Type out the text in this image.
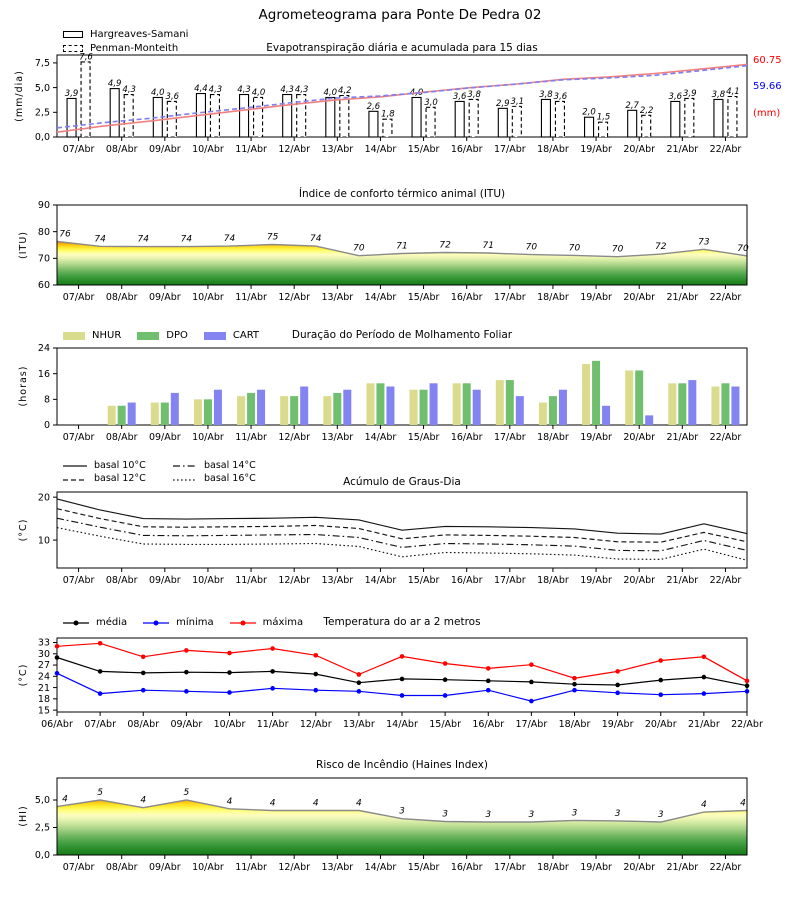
Agrometeograma para Ponte De Pedra 02
Hargreaves-Samani
Penman-Monteith	Evapotranspiração diária e acumulada para 15 dias
(mm/dia)
60.75
59.66
(mm)
Índice de conforto térmico animal (ITU)
(ITU)
NHUR	DPO	CART	Duração do Período de Molhamento Foliar
(horas)
basal 10°C	basal 14°C
basal 12°C	basal 16°C	Acúmulo de Graus-Dia
(°C)
média	mínima	máxima	Temperatura do ar a 2 metros
(°C)
Risco de Incêndio (Haines Index)
(HI)
0,0
2,5
5,0
7,5
07/Abr 08/Abr 09/Abr 10/Abr 11/Abr 12/Abr 13/Abr 14/Abr 15/Abr 16/Abr 17/Abr 18/Abr 19/Abr 20/Abr 21/Abr 22/Abr
3,9
7,6
4,9
4,3 4,0 3,6
4,4 4,3 4,3 4,0 4,3 4,3 4,0 4,2
2,6
1,8
4,0
3,0
3,6 3,8
2,9 3,1
3,8 3,6
2,0 1,5
2,7 2,2
3,6 3,9 3,8 4,1
76	74	74	74	74	75	74
70	71	72	71	70	70	70	72	73
70
60
70
80
90
07/Abr 08/Abr 09/Abr 10/Abr 11/Abr 12/Abr 13/Abr 14/Abr 15/Abr 16/Abr 17/Abr 18/Abr 19/Abr 20/Abr 21/Abr 22/Abr
4
5
4
5
4	4	4	4
3	3	3	3	3	3	3
4	4
0,0
2,5
5,0
07/Abr 08/Abr 09/Abr 10/Abr 11/Abr 12/Abr 13/Abr 14/Abr 15/Abr 16/Abr 17/Abr 18/Abr 19/Abr 20/Abr 21/Abr 22/Abr
0
8
16
24
07/Abr 08/Abr 09/Abr 10/Abr 11/Abr 12/Abr 13/Abr 14/Abr 15/Abr 16/Abr 17/Abr 18/Abr 19/Abr 20/Abr 21/Abr 22/Abr
10
20
07/Abr 08/Abr 09/Abr 10/Abr 11/Abr 12/Abr 13/Abr 14/Abr 15/Abr 16/Abr 17/Abr 18/Abr 19/Abr 20/Abr 21/Abr 22/Abr
15
18
21
24
27
30
33
06/Abr 07/Abr 08/Abr 09/Abr 10/Abr 11/Abr 12/Abr 13/Abr 14/Abr 15/Abr 16/Abr 17/Abr 18/Abr 19/Abr 20/Abr 21/Abr 22/Abr
